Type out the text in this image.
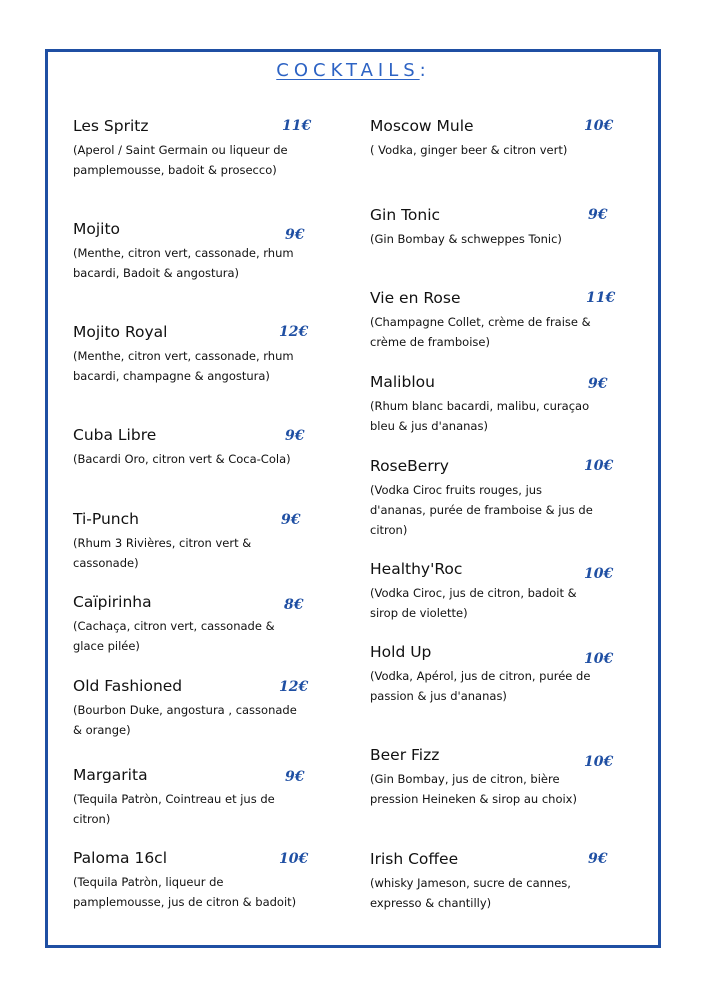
COCKTAILS:
Les Spritz
(Aperol / Saint Germain ou liqueur de pamplemousse, badoit & prosecco)
11€
Mojito
(Menthe, citron vert, cassonade, rhum bacardi, Badoit & angostura)
9€
Mojito Royal
(Menthe, citron vert, cassonade, rhum bacardi, champagne & angostura)
12€
Cuba Libre
(Bacardi Oro, citron vert & Coca-Cola)
9€
Ti-Punch
(Rhum 3 Rivières, citron vert & cassonade)
9€
Caïpirinha
(Cachaça, citron vert, cassonade & glace pilée)
8€
Old Fashioned
(Bourbon Duke, angostura , cassonade & orange)
12€
Margarita
(Tequila Patròn, Cointreau et jus de citron)
9€
Paloma 16cl
(Tequila Patròn, liqueur de pamplemousse, jus de citron & badoit)
10€
Moscow Mule
( Vodka, ginger beer & citron vert)
10€
Gin Tonic
(Gin Bombay & schweppes Tonic)
9€
Vie en Rose
(Champagne Collet, crème de fraise & crème de framboise)
11€
Maliblou
(Rhum blanc bacardi, malibu, curaçao bleu & jus d'ananas)
9€
RoseBerry
(Vodka Ciroc fruits rouges, jus d'ananas, purée de framboise & jus de citron)
10€
Healthy'Roc
(Vodka Ciroc, jus de citron, badoit & sirop de violette)
10€
Hold Up
(Vodka, Apérol, jus de citron, purée de passion & jus d'ananas)
10€
Beer Fizz
(Gin Bombay, jus de citron, bière pression Heineken & sirop au choix)
10€
Irish Coffee
(whisky Jameson, sucre de cannes, expresso & chantilly)
9€
